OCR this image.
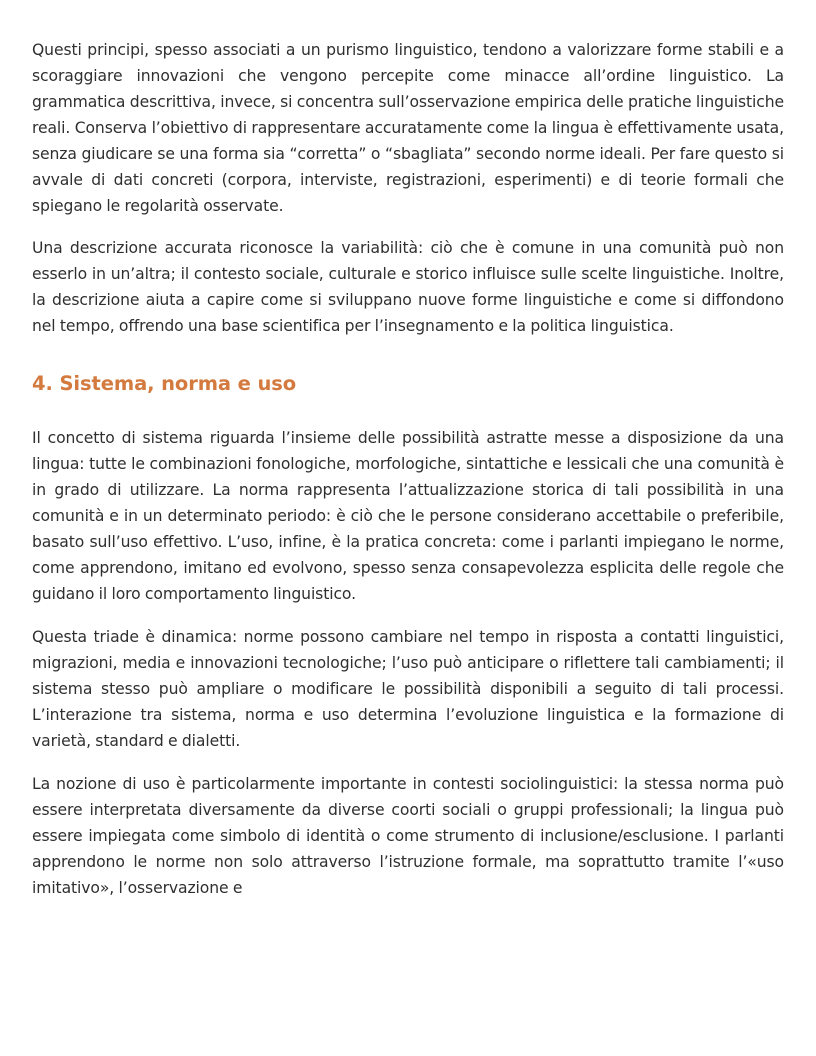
Questi principi, spesso associati a un purismo linguistico, tendono a valorizzare forme stabili e a scoraggiare innovazioni che vengono percepite come minacce all’ordine linguistico. La grammatica descrittiva, invece, si concentra sull’osservazione empirica delle pratiche linguistiche reali. Conserva l’obiettivo di rappresentare accuratamente come la lingua è effettivamente usata, senza giudicare se una forma sia “corretta” o “sbagliata” secondo norme ideali. Per fare questo si avvale di dati concreti (corpora, interviste, registrazioni, esperimenti) e di teorie formali che spiegano le regolarità osservate.

Una descrizione accurata riconosce la variabilità: ciò che è comune in una comunità può non esserlo in un’altra; il contesto sociale, culturale e storico influisce sulle scelte linguistiche. Inoltre, la descrizione aiuta a capire come si sviluppano nuove forme linguistiche e come si diffondono nel tempo, offrendo una base scientifica per l’insegnamento e la politica linguistica.

4. Sistema, norma e uso

Il concetto di sistema riguarda l’insieme delle possibilità astratte messe a disposizione da una lingua: tutte le combinazioni fonologiche, morfologiche, sintattiche e lessicali che una comunità è in grado di utilizzare. La norma rappresenta l’attualizzazione storica di tali possibilità in una comunità e in un determinato periodo: è ciò che le persone considerano accettabile o preferibile, basato sull’uso effettivo. L’uso, infine, è la pratica concreta: come i parlanti impiegano le norme, come apprendono, imitano ed evolvono, spesso senza consapevolezza esplicita delle regole che guidano il loro comportamento linguistico.

Questa triade è dinamica: norme possono cambiare nel tempo in risposta a contatti linguistici, migrazioni, media e innovazioni tecnologiche; l’uso può anticipare o riflettere tali cambiamenti; il sistema stesso può ampliare o modificare le possibilità disponibili a seguito di tali processi. L’interazione tra sistema, norma e uso determina l’evoluzione linguistica e la formazione di varietà, standard e dialetti.

La nozione di uso è particolarmente importante in contesti sociolinguistici: la stessa norma può essere interpretata diversamente da diverse coorti sociali o gruppi professionali; la lingua può essere impiegata come simbolo di identità o come strumento di inclusione/esclusione. I parlanti apprendono le norme non solo attraverso l’istruzione formale, ma soprattutto tramite l’«uso imitativo», l’osservazione e
